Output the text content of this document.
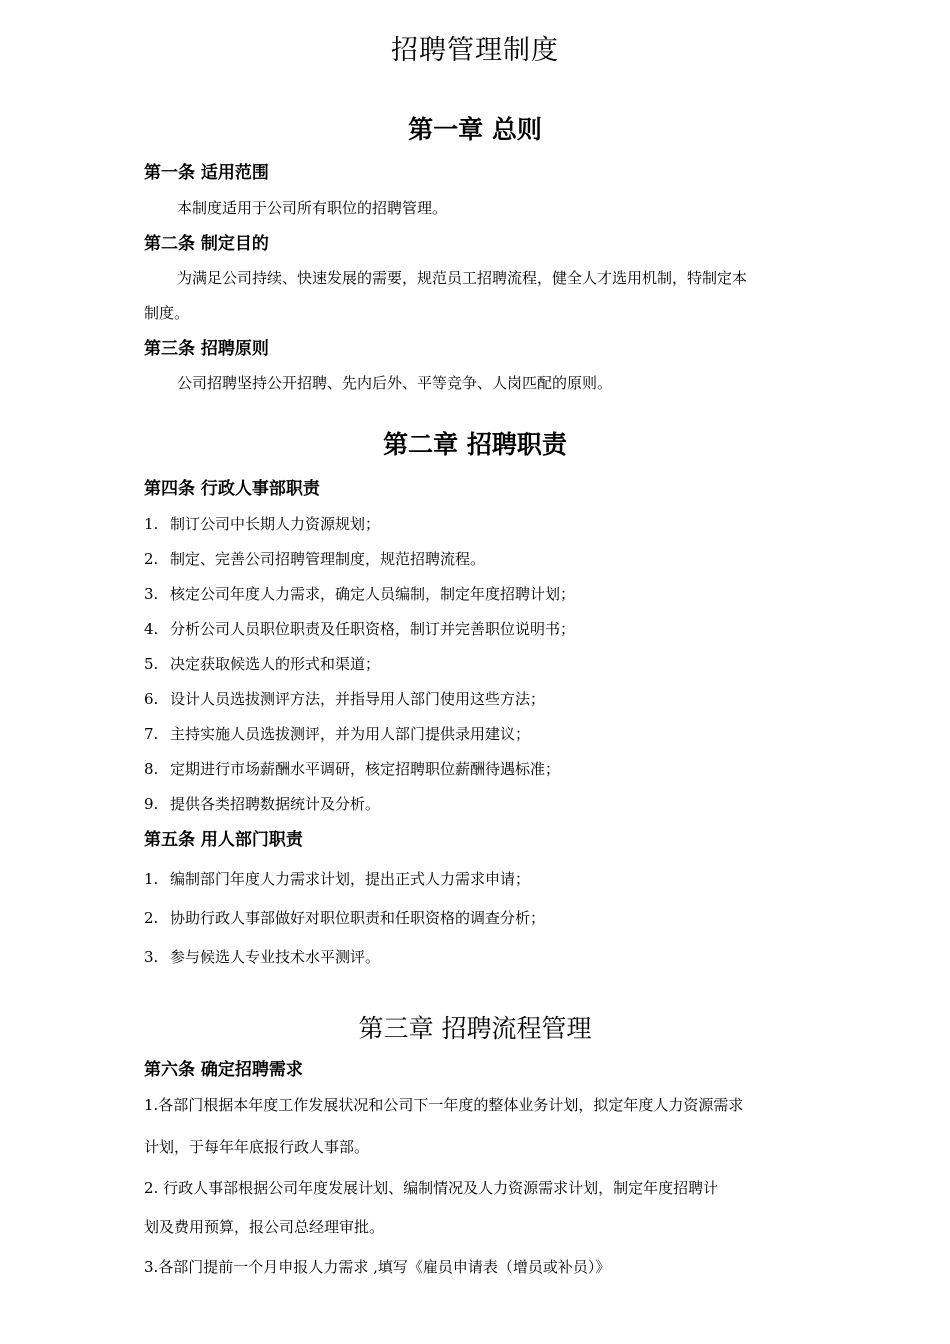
招聘管理制度
第一章 总则
第一条 适用范围
本制度适用于公司所有职位的招聘管理。
第二条 制定目的
为满足公司持续、快速发展的需要，规范员工招聘流程，健全人才选用机制，特制定本
制度。
第三条 招聘原则
公司招聘坚持公开招聘、先内后外、平等竞争、人岗匹配的原则。
第二章 招聘职责
第四条 行政人事部职责
1. 制订公司中长期人力资源规划；
2. 制定、完善公司招聘管理制度，规范招聘流程。
3. 核定公司年度人力需求，确定人员编制，制定年度招聘计划；
4. 分析公司人员职位职责及任职资格，制订并完善职位说明书；
5. 决定获取候选人的形式和渠道；
6. 设计人员选拔测评方法，并指导用人部门使用这些方法；
7. 主持实施人员选拔测评，并为用人部门提供录用建议；
8. 定期进行市场薪酬水平调研，核定招聘职位薪酬待遇标准；
9. 提供各类招聘数据统计及分析。
第五条 用人部门职责
1. 编制部门年度人力需求计划，提出正式人力需求申请；
2. 协助行政人事部做好对职位职责和任职资格的调查分析；
3. 参与候选人专业技术水平测评。
第三章 招聘流程管理
第六条 确定招聘需求
1.各部门根据本年度工作发展状况和公司下一年度的整体业务计划，拟定年度人力资源需求
计划，于每年年底报行政人事部。
2. 行政人事部根据公司年度发展计划、编制情况及人力资源需求计划，制定年度招聘计
划及费用预算，报公司总经理审批。
3.各部门提前一个月申报人力需求 ,填写《雇员申请表（增员或补员）》
